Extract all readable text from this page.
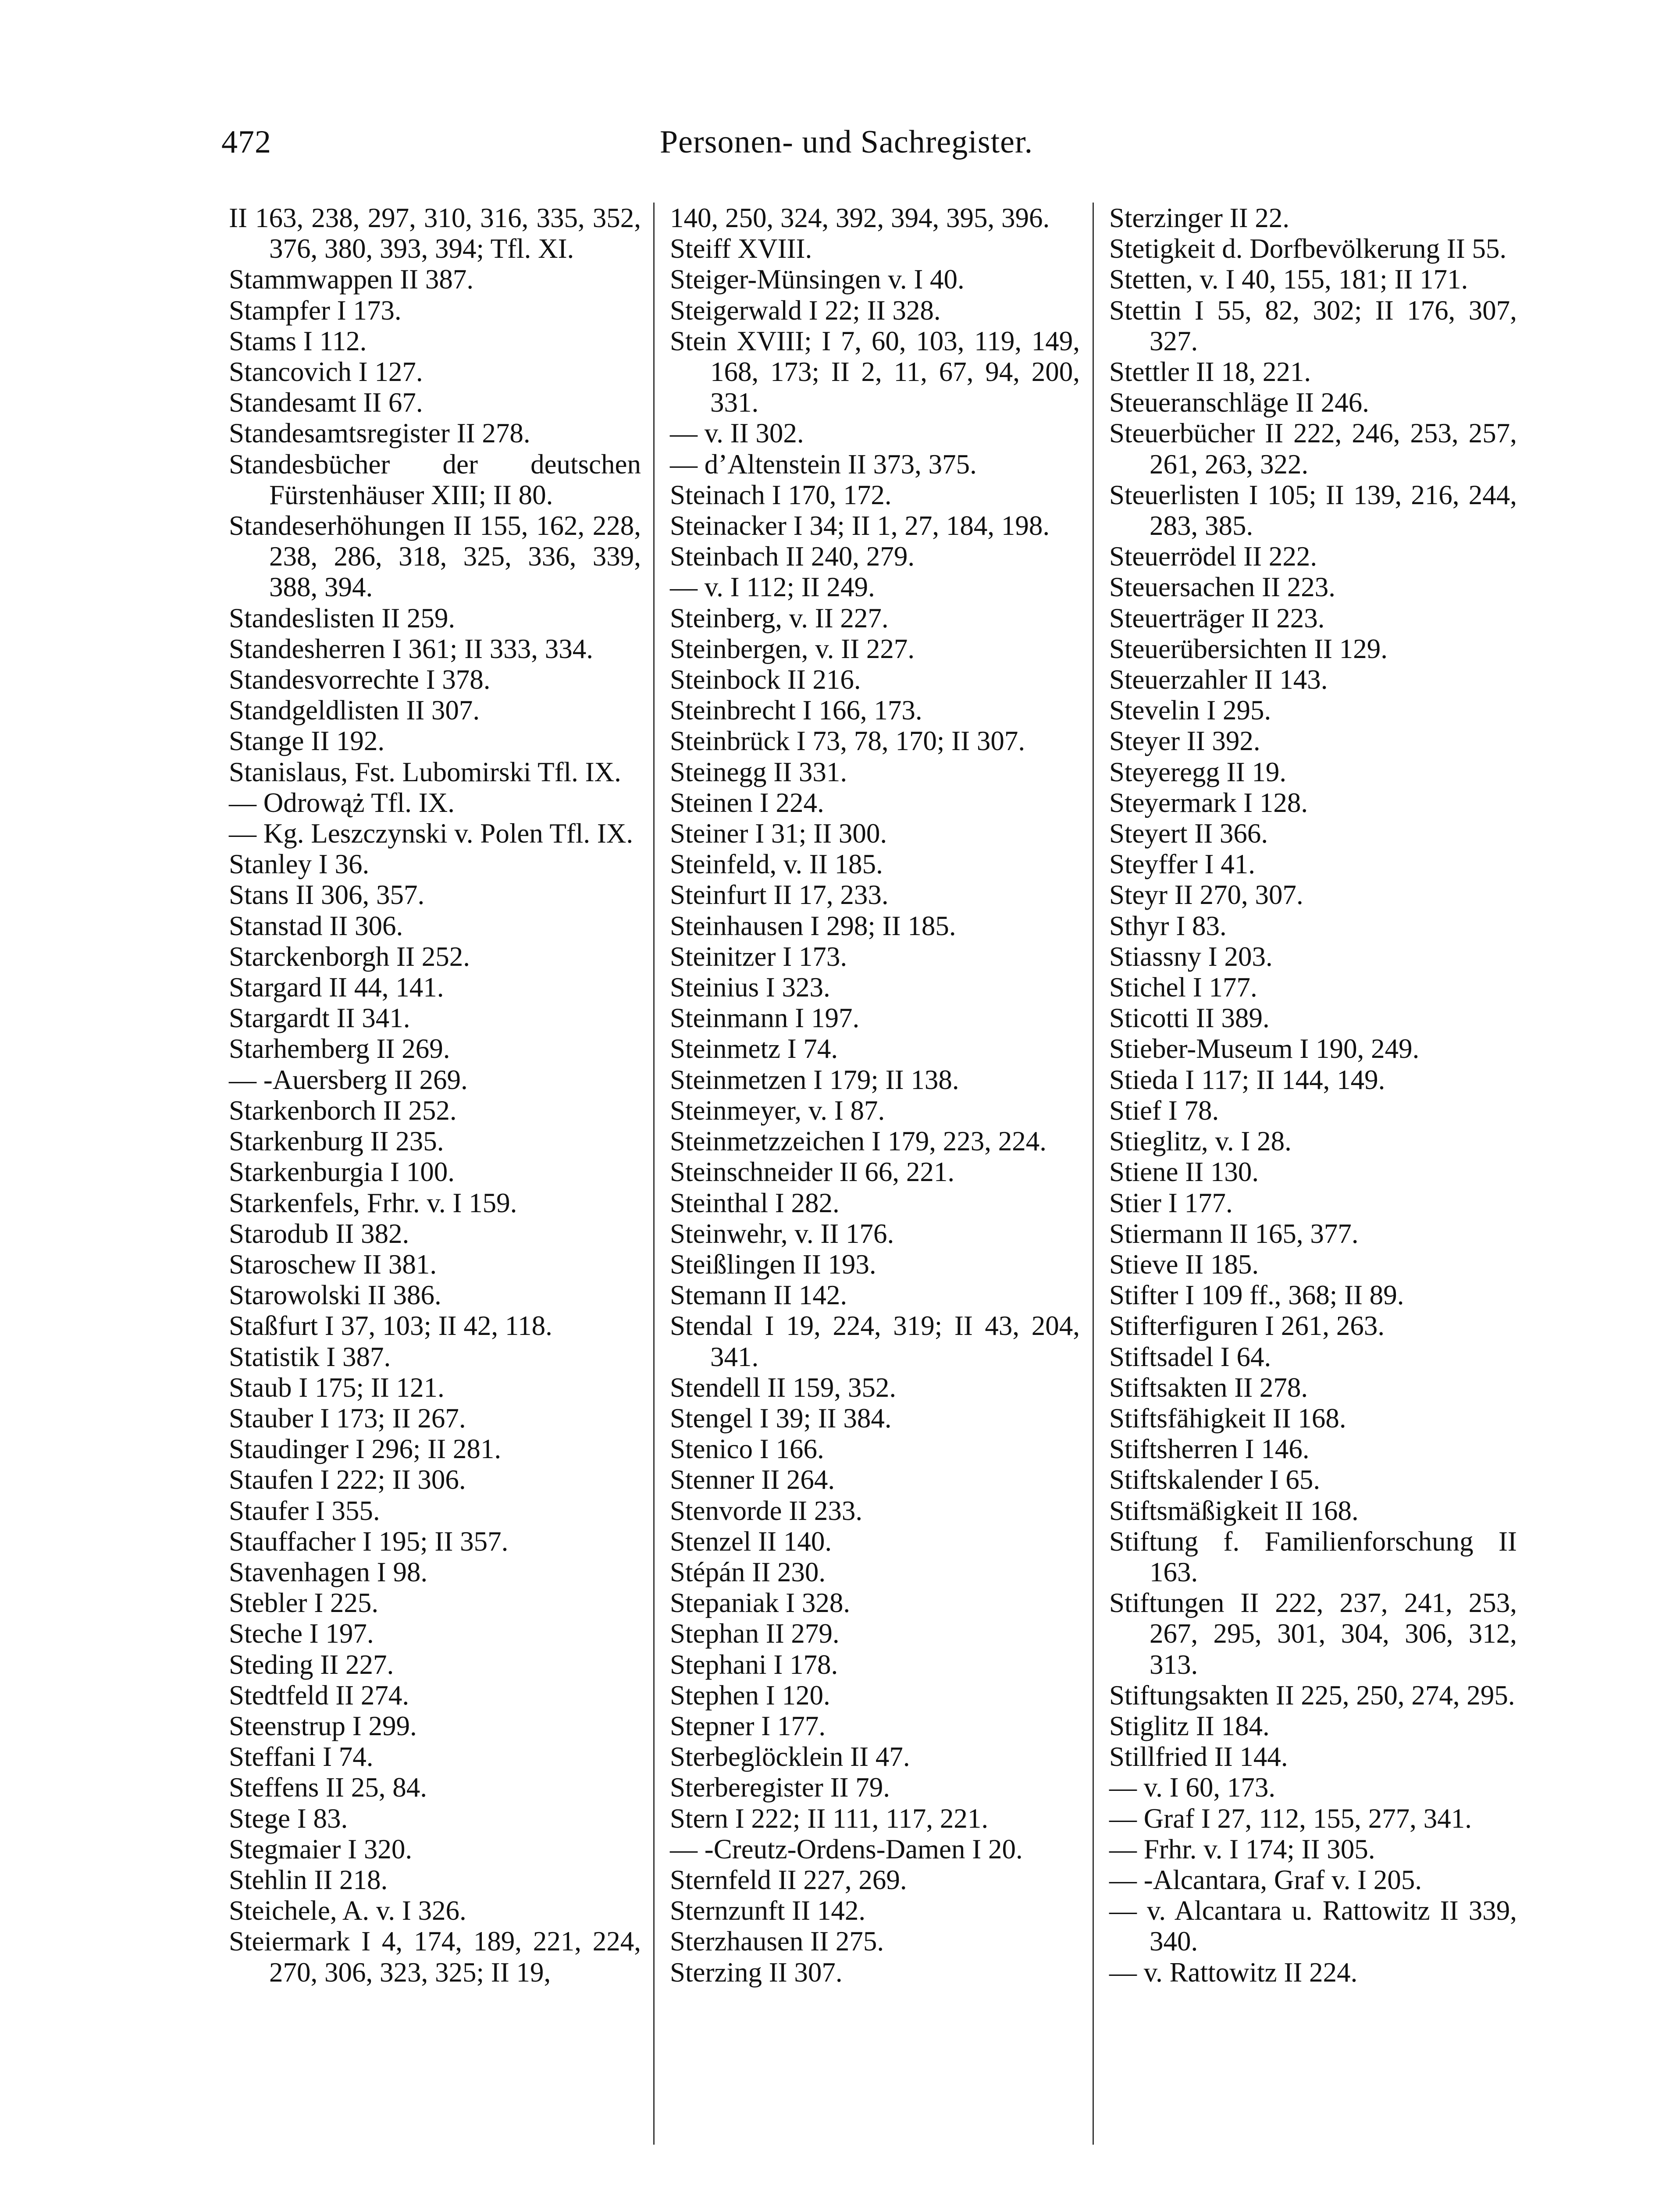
472	Personen- und Sachregister.
II 163, 238, 297, 310, 316, 335, 352, 376, 380, 393, 394; Tfl. XI.
Stammwappen II 387.
Stampfer I 173.
Stams I 112.
Stancovich I 127.
Standesamt II 67.
Standesamtsregister II 278.
Standesbücher der deutschen Fürstenhäuser XIII; II 80.
Standeserhöhungen II 155, 162, 228, 238, 286, 318, 325, 336, 339, 388, 394.
Standeslisten II 259.
Standesherren I 361; II 333, 334.
Standesvorrechte I 378.
Standgeldlisten II 307.
Stange II 192.
Stanislaus, Fst. Lubomirski Tfl. IX.
— Odrowąż Tfl. IX.
— Kg. Leszczynski v. Polen Tfl. IX.
Stanley I 36.
Stans II 306, 357.
Stanstad II 306.
Starckenborgh II 252.
Stargard II 44, 141.
Stargardt II 341.
Starhemberg II 269.
— -Auersberg II 269.
Starkenborch II 252.
Starkenburg II 235.
Starkenburgia I 100.
Starkenfels, Frhr. v. I 159.
Starodub II 382.
Staroschew II 381.
Starowolski II 386.
Staßfurt I 37, 103; II 42, 118.
Statistik I 387.
Staub I 175; II 121.
Stauber I 173; II 267.
Staudinger I 296; II 281.
Staufen I 222; II 306.
Staufer I 355.
Stauffacher I 195; II 357.
Stavenhagen I 98.
Stebler I 225.
Steche I 197.
Steding II 227.
Stedtfeld II 274.
Steenstrup I 299.
Steffani I 74.
Steffens II 25, 84.
Stege I 83.
Stegmaier I 320.
Stehlin II 218.
Steichele, A. v. I 326.
Steiermark I 4, 174, 189, 221, 224, 270, 306, 323, 325; II 19,
140, 250, 324, 392, 394, 395, 396.
Steiff XVIII.
Steiger-Münsingen v. I 40.
Steigerwald I 22; II 328.
Stein XVIII; I 7, 60, 103, 119, 149, 168, 173; II 2, 11, 67, 94, 200, 331.
— v. II 302.
— d’Altenstein II 373, 375.
Steinach I 170, 172.
Steinacker I 34; II 1, 27, 184, 198.
Steinbach II 240, 279.
— v. I 112; II 249.
Steinberg, v. II 227.
Steinbergen, v. II 227.
Steinbock II 216.
Steinbrecht I 166, 173.
Steinbrück I 73, 78, 170; II 307.
Steinegg II 331.
Steinen I 224.
Steiner I 31; II 300.
Steinfeld, v. II 185.
Steinfurt II 17, 233.
Steinhausen I 298; II 185.
Steinitzer I 173.
Steinius I 323.
Steinmann I 197.
Steinmetz I 74.
Steinmetzen I 179; II 138.
Steinmeyer, v. I 87.
Steinmetzzeichen I 179, 223, 224.
Steinschneider II 66, 221.
Steinthal I 282.
Steinwehr, v. II 176.
Steißlingen II 193.
Stemann II 142.
Stendal I 19, 224, 319; II 43, 204, 341.
Stendell II 159, 352.
Stengel I 39; II 384.
Stenico I 166.
Stenner II 264.
Stenvorde II 233.
Stenzel II 140.
Stépán II 230.
Stepaniak I 328.
Stephan II 279.
Stephani I 178.
Stephen I 120.
Stepner I 177.
Sterbeglöcklein II 47.
Sterberegister II 79.
Stern I 222; II 111, 117, 221.
— -Creutz-Ordens-Damen I 20.
Sternfeld II 227, 269.
Sternzunft II 142.
Sterzhausen II 275.
Sterzing II 307.
Sterzinger II 22.
Stetigkeit d. Dorfbevölkerung II 55.
Stetten, v. I 40, 155, 181; II 171.
Stettin I 55, 82, 302; II 176, 307, 327.
Stettler II 18, 221.
Steueranschläge II 246.
Steuerbücher II 222, 246, 253, 257, 261, 263, 322.
Steuerlisten I 105; II 139, 216, 244, 283, 385.
Steuerrödel II 222.
Steuersachen II 223.
Steuerträger II 223.
Steuerübersichten II 129.
Steuerzahler II 143.
Stevelin I 295.
Steyer II 392.
Steyeregg II 19.
Steyermark I 128.
Steyert II 366.
Steyffer I 41.
Steyr II 270, 307.
Sthyr I 83.
Stiassny I 203.
Stichel I 177.
Sticotti II 389.
Stieber-Museum I 190, 249.
Stieda I 117; II 144, 149.
Stief I 78.
Stieglitz, v. I 28.
Stiene II 130.
Stier I 177.
Stiermann II 165, 377.
Stieve II 185.
Stifter I 109 ff., 368; II 89.
Stifterfiguren I 261, 263.
Stiftsadel I 64.
Stiftsakten II 278.
Stiftsfähigkeit II 168.
Stiftsherren I 146.
Stiftskalender I 65.
Stiftsmäßigkeit II 168.
Stiftung f. Familienforschung II 163.
Stiftungen II 222, 237, 241, 253, 267, 295, 301, 304, 306, 312, 313.
Stiftungsakten II 225, 250, 274, 295.
Stiglitz II 184.
Stillfried II 144.
— v. I 60, 173.
— Graf I 27, 112, 155, 277, 341.
— Frhr. v. I 174; II 305.
— -Alcantara, Graf v. I 205.
— v. Alcantara u. Rattowitz II 339, 340.
— v. Rattowitz II 224.
